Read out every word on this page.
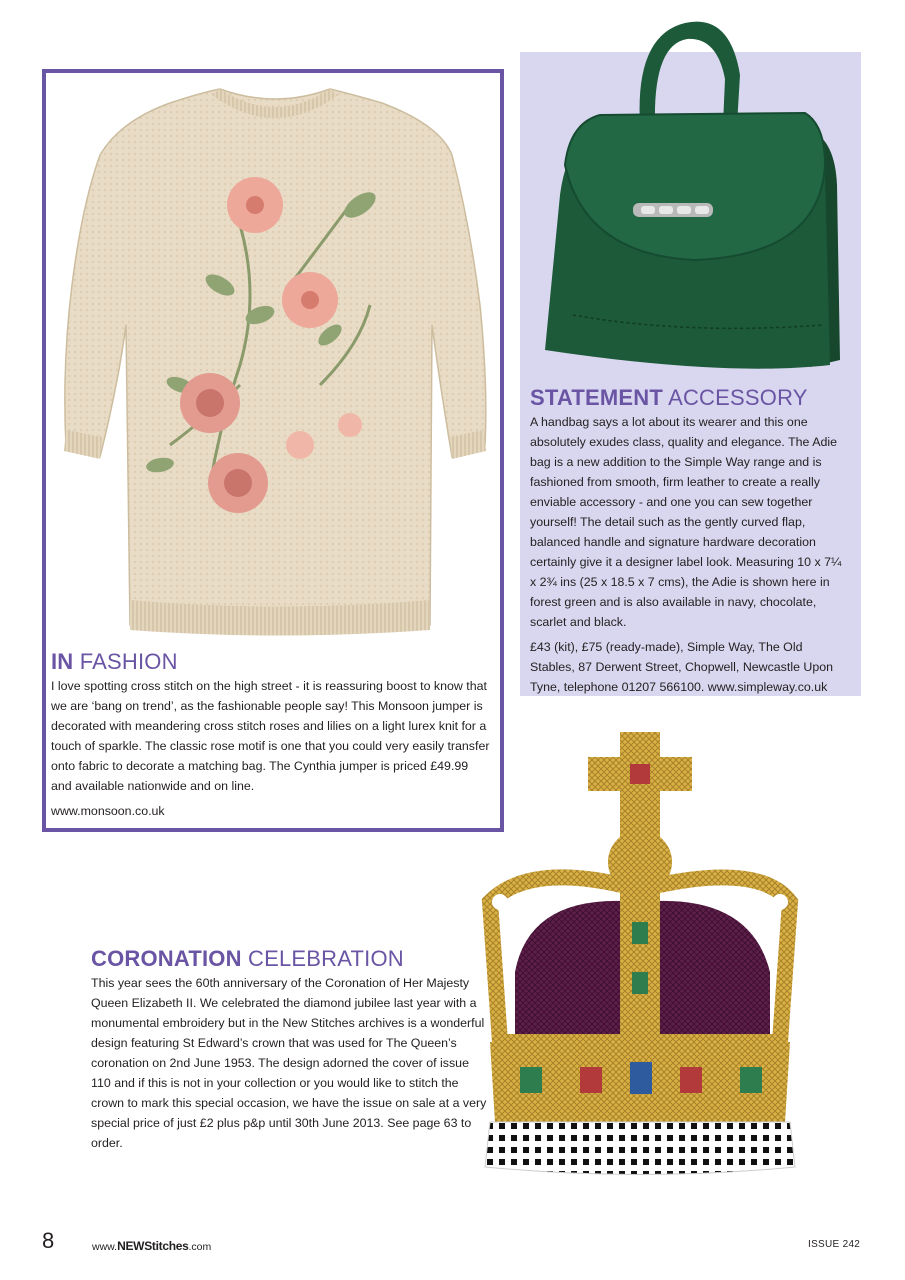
IN FASHION

I love spotting cross stitch on the high street - it is reassuring boost to know that we are ‘bang on trend’, as the fashionable people say! This Monsoon jumper is decorated with meandering cross stitch roses and lilies on a light lurex knit for a touch of sparkle. The classic rose motif is one that you could very easily transfer onto fabric to decorate a matching bag. The Cynthia jumper is priced £49.99 and available nationwide and on line.

www.monsoon.co.uk

STATEMENT ACCESSORY

A handbag says a lot about its wearer and this one absolutely exudes class, quality and elegance. The Adie bag is a new addition to the Simple Way range and is fashioned from smooth, firm leather to create a really enviable accessory - and one you can sew together yourself! The detail such as the gently curved flap, balanced handle and signature hardware decoration certainly give it a designer label look. Measuring 10 x 7¼ x 2¾ ins (25 x 18.5 x 7 cms), the Adie is shown here in forest green and is also available in navy, chocolate, scarlet and black.

£43 (kit), £75 (ready-made), Simple Way, The Old Stables, 87 Derwent Street, Chopwell, Newcastle Upon Tyne, telephone 01207 566100. www.simpleway.co.uk

CORONATION CELEBRATION

This year sees the 60th anniversary of the Coronation of Her Majesty Queen Elizabeth II. We celebrated the diamond jubilee last year with a monumental embroidery but in the New Stitches archives is a wonderful design featuring St Edward’s crown that was used for The Queen’s coronation on 2nd June 1953. The design adorned the cover of issue 110 and if this is not in your collection or you would like to stitch the crown to mark this special occasion, we have the issue on sale at a very special price of just £2 plus p&p until 30th June 2013. See page 63 to order.

8	www.NEWStitches.com	ISSUE 242
